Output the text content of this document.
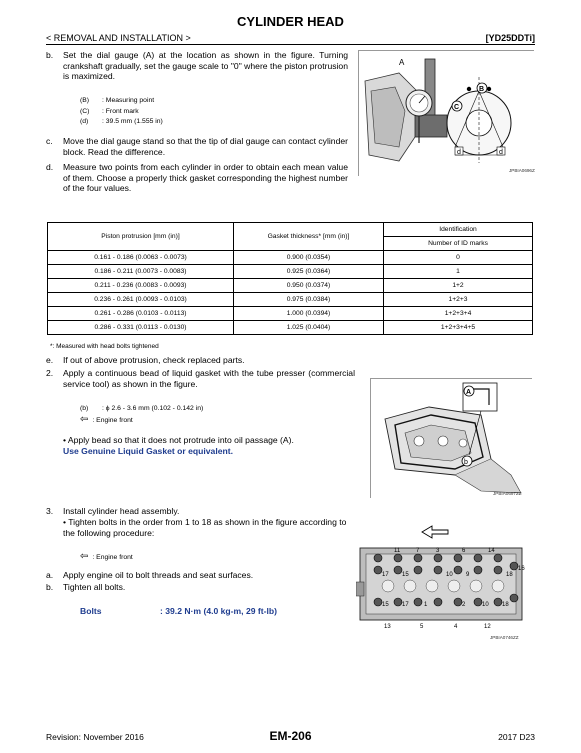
CYLINDER HEAD
< REMOVAL AND INSTALLATION >	[YD25DDTi]
b. Set the dial gauge (A) at the location as shown in the figure. Turning crankshaft gradually, set the gauge scale to "0" where the piston protrusion is maximized.
(B) : Measuring point
(C) : Front mark
(d) : 39.5 mm (1.555 in)
A
B
C
d	d
JPBIA0696ZZ
c. Move the dial gauge stand so that the tip of dial gauge can contact cylinder block. Read the difference.
d. Measure two points from each cylinder in order to obtain each mean value of them. Choose a properly thick gasket corresponding the highest number of the four values.
Piston protrusion [mm (in)]	Gasket thickness* [mm (in)]	Identification
		Number of ID marks
0.161 - 0.186 (0.0063 - 0.0073)	0.900 (0.0354)	0
0.186 - 0.211 (0.0073 - 0.0083)	0.925 (0.0364)	1
0.211 - 0.236 (0.0083 - 0.0093)	0.950 (0.0374)	1+2
0.236 - 0.261 (0.0093 - 0.0103)	0.975 (0.0384)	1+2+3
0.261 - 0.286 (0.0103 - 0.0113)	1.000 (0.0394)	1+2+3+4
0.286 - 0.331 (0.0113 - 0.0130)	1.025 (0.0404)	1+2+3+4+5
*: Measured with head bolts tightened
e. If out of above protrusion, check replaced parts.
2. Apply a continuous bead of liquid gasket with the tube presser (commercial service tool) as shown in the figure.
(b) : ϕ 2.6 - 3.6 mm (0.102 - 0.142 in)
⇦ : Engine front
• Apply bead so that it does not protrude into oil passage (A).
Use Genuine Liquid Gasket or equivalent.
A
b
JPBIA0697ZZ
3. Install cylinder head assembly.
• Tighten bolts in the order from 1 to 18 as shown in the figure according to the following procedure:
⇦ : Engine front
a. Apply engine oil to bolt threads and seat surfaces.
b. Tighten all bolts.
Bolts	: 39.2 N·m (4.0 kg-m, 29 ft-lb)
11	7	3	6	14
17 15	10 9
16
18
15 17	1	2	10 18
13	5	4	12
JPBIA0746ZZ
Revision: November 2016	EM-206	2017 D23
